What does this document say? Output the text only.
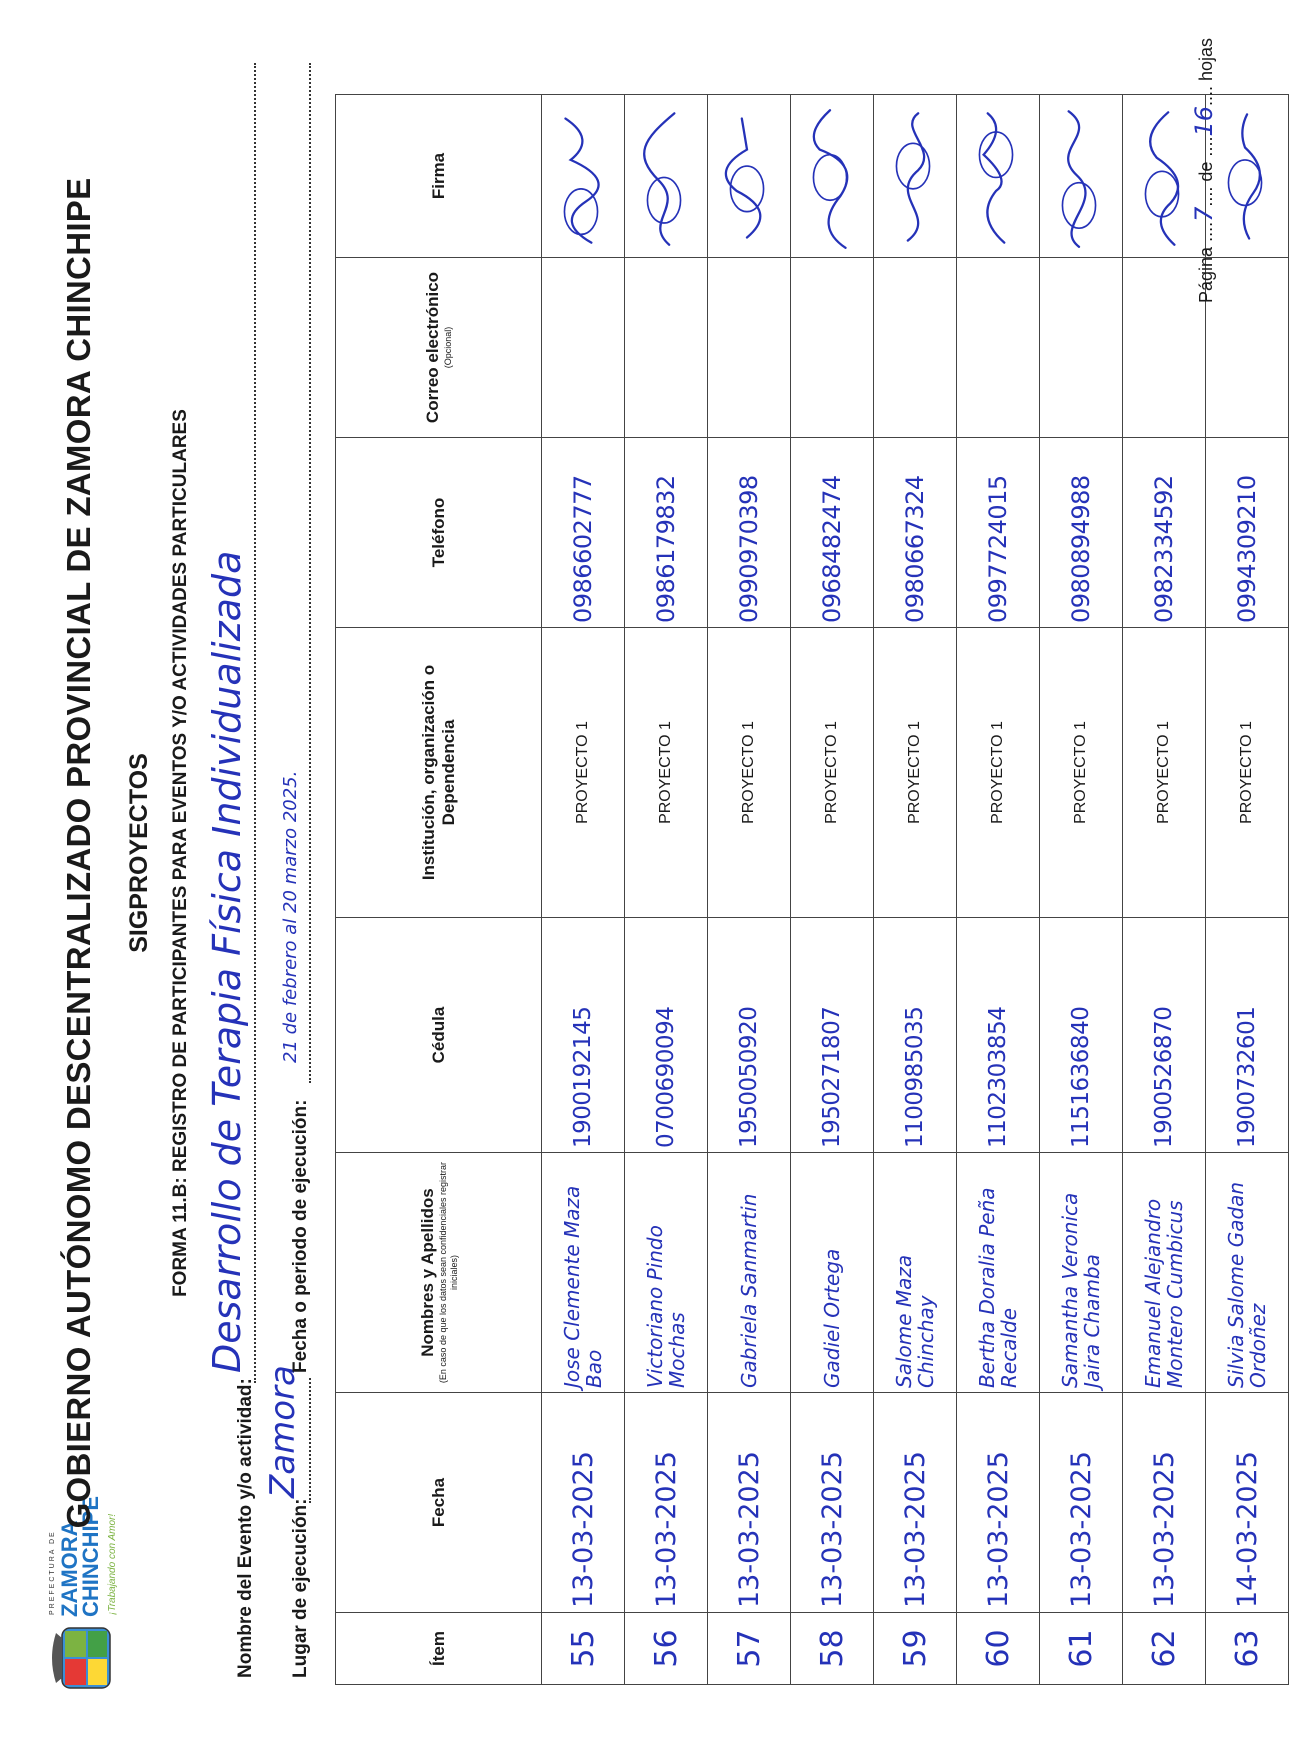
PREFECTURA DE ZAMORA
CHINCHIPE ¡Trabajando con Amor!
GOBIERNO AUTÓNOMO DESCENTRALIZADO PROVINCIAL DE ZAMORA CHINCHIPE SIGPROYECTOS FORMA 11.B: REGISTRO DE PARTICIPANTES PARA EVENTOS Y/O ACTIVIDADES PARTICULARES
Nombre del Evento y/o actividad:
Desarrollo de Terapia Física Individualizada
Lugar de ejecución:
Zamora
Fecha o periodo de ejecución:
21 de febrero al 20 marzo 2025.
Ítem	Fecha	Nombres y Apellidos (En caso de que los datos sean confidenciales registrar iniciales)	Cédula	Institución, organización o Dependencia	Teléfono	Correo electrónico (Opcional)	Firma
55	13-03-2025	Jose Clemente Maza Bao	1900192145	PROYECTO 1	0986602777		
56	13-03-2025	Victoriano Pindo Mochas	0700690094	PROYECTO 1	0986179832		
57	13-03-2025	Gabriela Sanmartin	1950050920	PROYECTO 1	0990970398		
58	13-03-2025	Gadiel Ortega	1950271807	PROYECTO 1	0968482474		
59	13-03-2025	Salome Maza Chinchay	1100985035	PROYECTO 1	0980667324		
60	13-03-2025	Bertha Doralia Peña Recalde	1102303854	PROYECTO 1	0997724015		
61	13-03-2025	Samantha Veronica Jaira Chamba	1151636840	PROYECTO 1	0980894988		
62	13-03-2025	Emanuel Alejandro Montero Cumbicus	1900526870	PROYECTO 1	0982334592		
63	14-03-2025	Silvia Salome Gadan Ordoñez	1900732601	PROYECTO 1	0994309210		
Página ....7.... de ....16.... hojas
